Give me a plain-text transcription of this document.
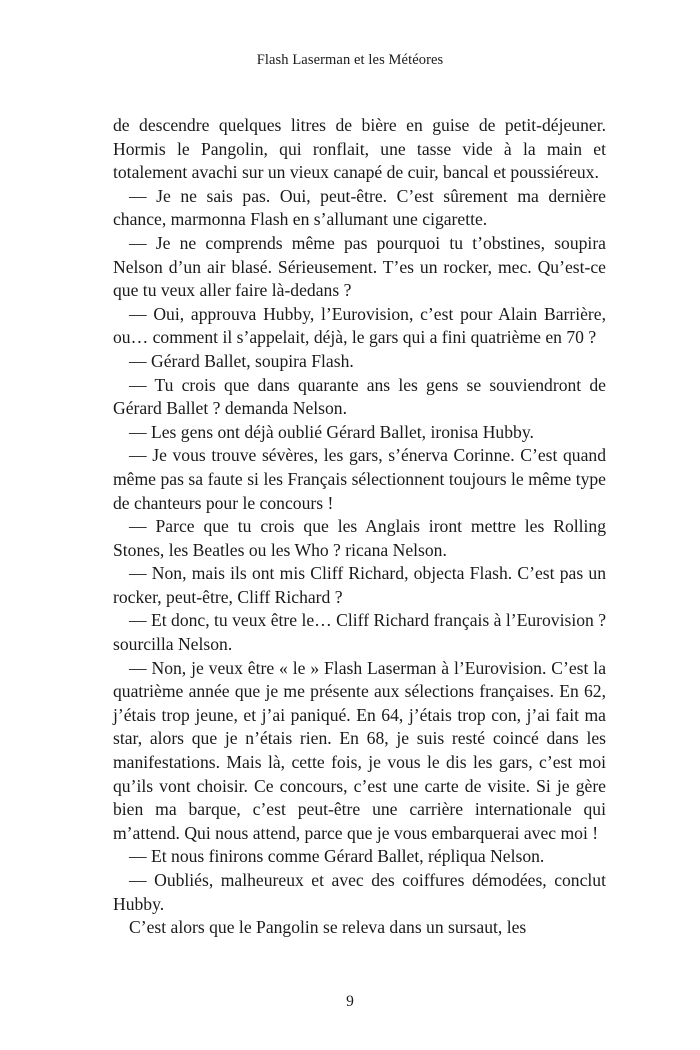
Flash Laserman et les Météores

de descendre quelques litres de bière en guise de petit-déjeuner. Hormis le Pangolin, qui ronflait, une tasse vide à la main et totalement avachi sur un vieux canapé de cuir, bancal et poussiéreux.

— Je ne sais pas. Oui, peut-être. C’est sûrement ma dernière chance, marmonna Flash en s’allumant une cigarette.

— Je ne comprends même pas pourquoi tu t’obstines, soupira Nelson d’un air blasé. Sérieusement. T’es un rocker, mec. Qu’est-ce que tu veux aller faire là-dedans ?

— Oui, approuva Hubby, l’Eurovision, c’est pour Alain Barrière, ou… comment il s’appelait, déjà, le gars qui a fini quatrième en 70 ?

— Gérard Ballet, soupira Flash.

— Tu crois que dans quarante ans les gens se souviendront de Gérard Ballet ? demanda Nelson.

— Les gens ont déjà oublié Gérard Ballet, ironisa Hubby.

— Je vous trouve sévères, les gars, s’énerva Corinne. C’est quand même pas sa faute si les Français sélectionnent toujours le même type de chanteurs pour le concours !

— Parce que tu crois que les Anglais iront mettre les Rolling Stones, les Beatles ou les Who ? ricana Nelson.

— Non, mais ils ont mis Cliff Richard, objecta Flash. C’est pas un rocker, peut-être, Cliff Richard ?

— Et donc, tu veux être le… Cliff Richard français à l’Eurovision ? sourcilla Nelson.

— Non, je veux être « le » Flash Laserman à l’Eurovision. C’est la quatrième année que je me présente aux sélections françaises. En 62, j’étais trop jeune, et j’ai paniqué. En 64, j’étais trop con, j’ai fait ma star, alors que je n’étais rien. En 68, je suis resté coincé dans les manifestations. Mais là, cette fois, je vous le dis les gars, c’est moi qu’ils vont choisir. Ce concours, c’est une carte de visite. Si je gère bien ma barque, c’est peut-être une carrière internationale qui m’attend. Qui nous attend, parce que je vous embarquerai avec moi !

— Et nous finirons comme Gérard Ballet, répliqua Nelson.

— Oubliés, malheureux et avec des coiffures démodées, conclut Hubby.

C’est alors que le Pangolin se releva dans un sursaut, les

9
